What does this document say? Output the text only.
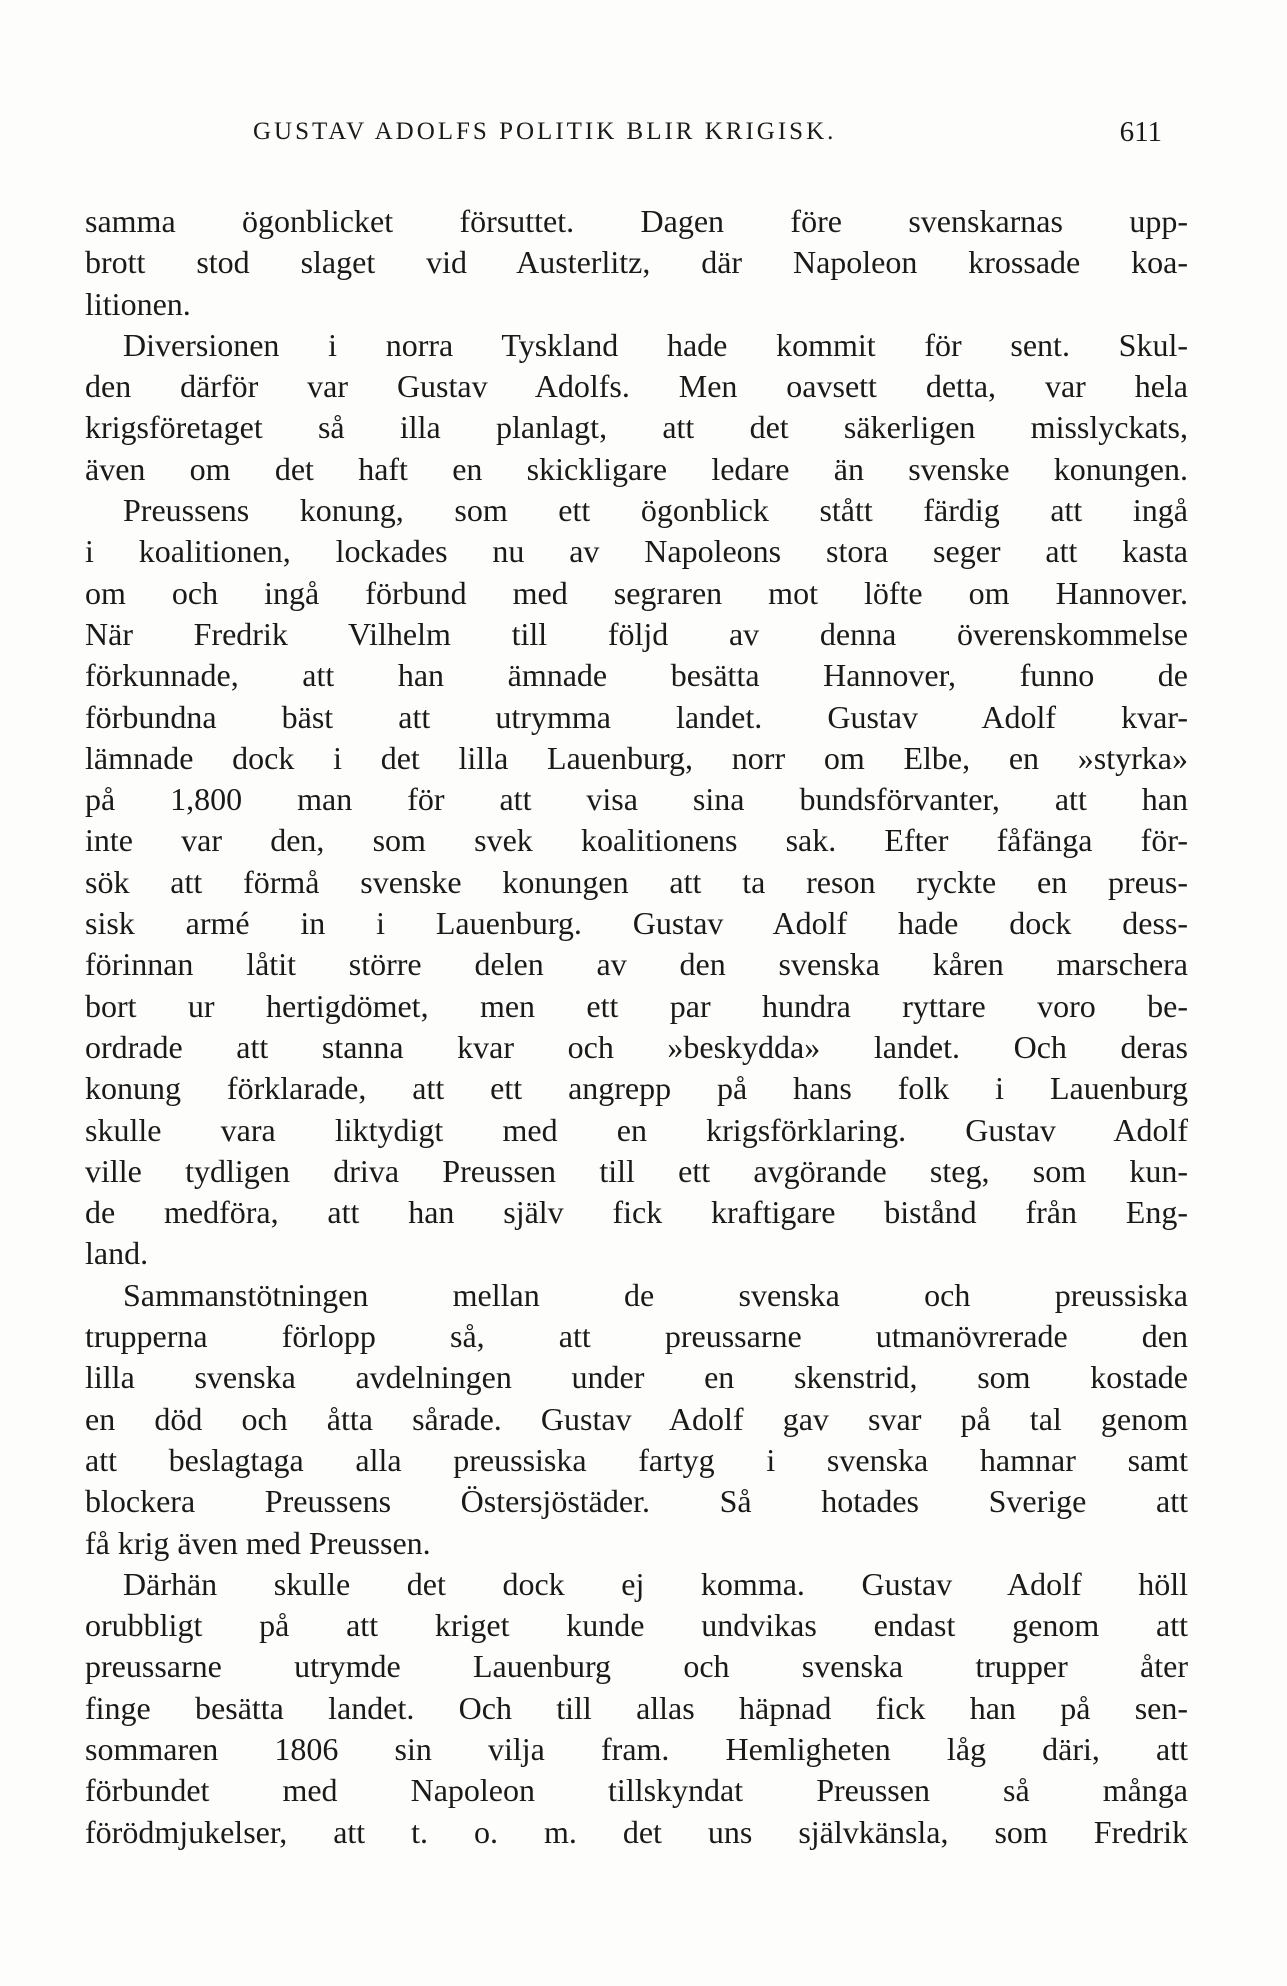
GUSTAV ADOLFS POLITIK BLIR KRIGISK.	611
samma ögonblicket försuttet. Dagen före svenskarnas upp-
brott stod slaget vid Austerlitz, där Napoleon krossade koa-
litionen.
Diversionen i norra Tyskland hade kommit för sent. Skul-
den därför var Gustav Adolfs. Men oavsett detta, var hela
krigsföretaget så illa planlagt, att det säkerligen misslyckats,
även om det haft en skickligare ledare än svenske konungen.
Preussens konung, som ett ögonblick stått färdig att ingå
i koalitionen, lockades nu av Napoleons stora seger att kasta
om och ingå förbund med segraren mot löfte om Hannover.
När Fredrik Vilhelm till följd av denna överenskommelse
förkunnade, att han ämnade besätta Hannover, funno de
förbundna bäst att utrymma landet. Gustav Adolf kvar-
lämnade dock i det lilla Lauenburg, norr om Elbe, en »styrka»
på 1,800 man för att visa sina bundsförvanter, att han
inte var den, som svek koalitionens sak. Efter fåfänga för-
sök att förmå svenske konungen att ta reson ryckte en preus-
sisk armé in i Lauenburg. Gustav Adolf hade dock dess-
förinnan låtit större delen av den svenska kåren marschera
bort ur hertigdömet, men ett par hundra ryttare voro be-
ordrade att stanna kvar och »beskydda» landet. Och deras
konung förklarade, att ett angrepp på hans folk i Lauenburg
skulle vara liktydigt med en krigsförklaring. Gustav Adolf
ville tydligen driva Preussen till ett avgörande steg, som kun-
de medföra, att han själv fick kraftigare bistånd från Eng-
land.
Sammanstötningen mellan de svenska och preussiska
trupperna förlopp så, att preussarne utmanövrerade den
lilla svenska avdelningen under en skenstrid, som kostade
en död och åtta sårade. Gustav Adolf gav svar på tal genom
att beslagtaga alla preussiska fartyg i svenska hamnar samt
blockera Preussens Östersjöstäder. Så hotades Sverige att
få krig även med Preussen.
Därhän skulle det dock ej komma. Gustav Adolf höll
orubbligt på att kriget kunde undvikas endast genom att
preussarne utrymde Lauenburg och svenska trupper åter
finge besätta landet. Och till allas häpnad fick han på sen-
sommaren 1806 sin vilja fram. Hemligheten låg däri, att
förbundet med Napoleon tillskyndat Preussen så många
förödmjukelser, att t. o. m. det uns självkänsla, som Fredrik
